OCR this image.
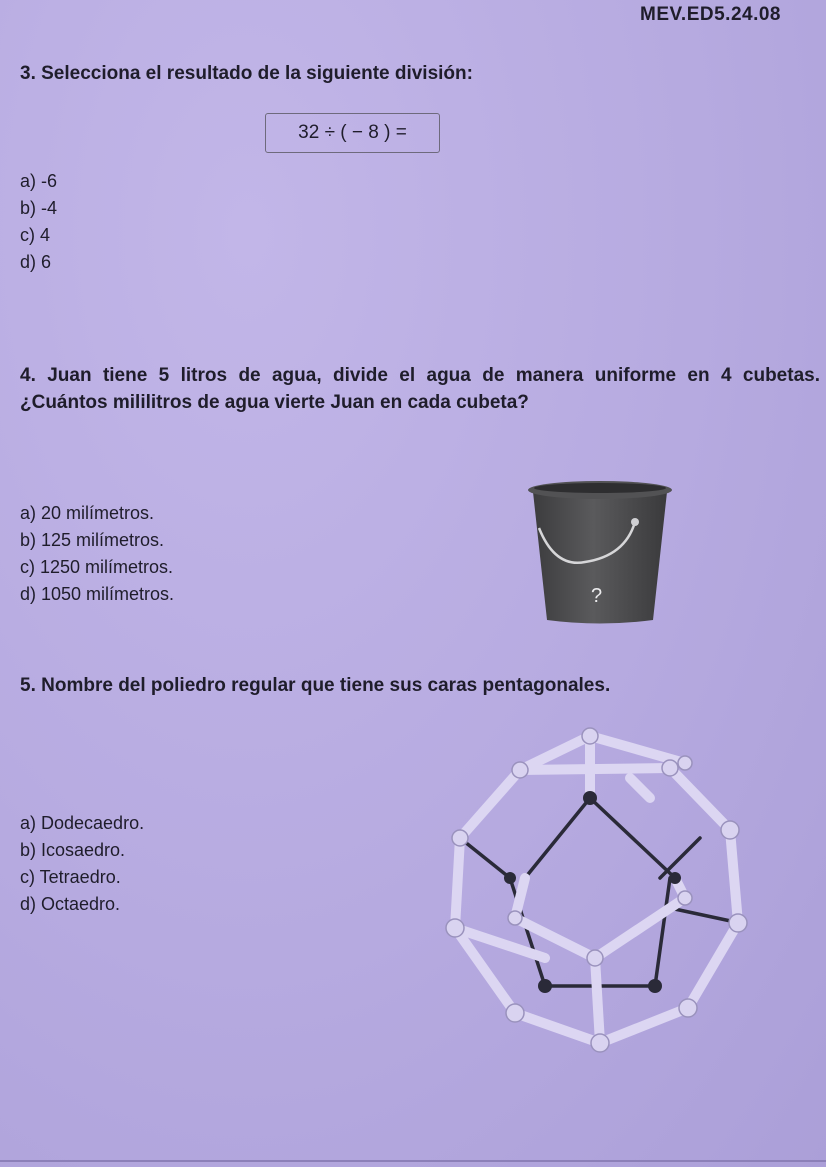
MEV.ED5.24.08
3. Selecciona el resultado de la siguiente división:
32 ÷ ( − 8 ) =
a) -6
b) -4
c) 4
d) 6
4. Juan tiene 5 litros de agua, divide el agua de manera uniforme en 4 cubetas. ¿Cuántos mililitros de agua vierte Juan en cada cubeta?
a) 20 milímetros.
b) 125 milímetros.
c) 1250 milímetros.
d) 1050 milímetros.	?
5. Nombre del poliedro regular que tiene sus caras pentagonales.
a) Dodecaedro.
b) Icosaedro.
c) Tetraedro.
d) Octaedro.
